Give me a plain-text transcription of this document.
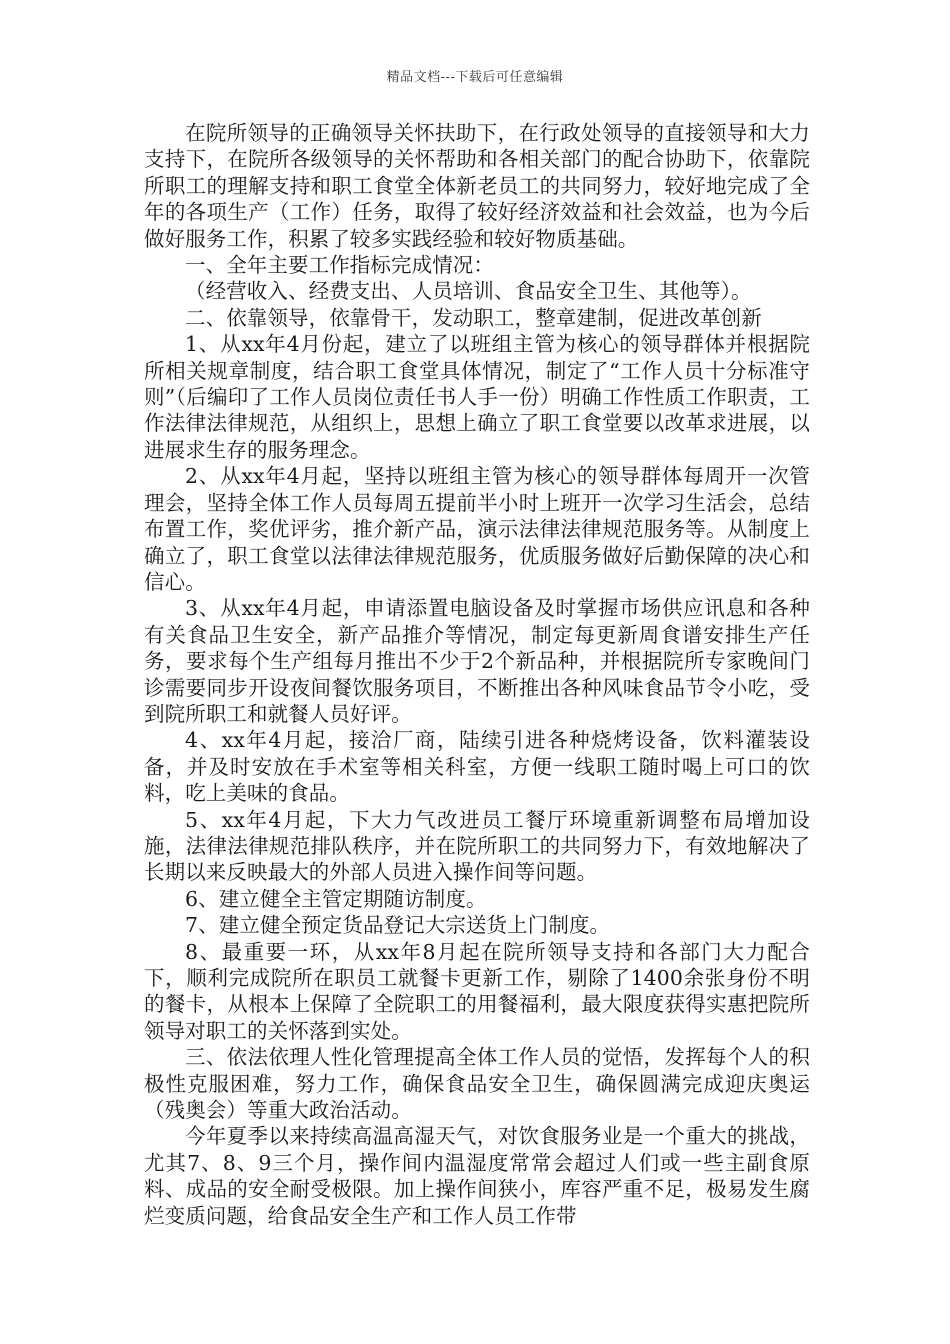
精品文档---下载后可任意编辑

在院所领导的正确领导关怀扶助下，在行政处领导的直接领导和大力支持下，在院所各级领导的关怀帮助和各相关部门的配合协助下，依靠院所职工的理解支持和职工食堂全体新老员工的共同努力，较好地完成了全年的各项生产（工作）任务，取得了较好经济效益和社会效益，也为今后做好服务工作，积累了较多实践经验和较好物质基础。

一、全年主要工作指标完成情况：

（经营收入、经费支出、人员培训、食品安全卫生、其他等）。

二、依靠领导，依靠骨干，发动职工，整章建制，促进改革创新

1、从xx年4月份起，建立了以班组主管为核心的领导群体并根据院所相关规章制度，结合职工食堂具体情况，制定了“工作人员十分标准守则”（后编印了工作人员岗位责任书人手一份）明确工作性质工作职责，工作法律法律规范，从组织上，思想上确立了职工食堂要以改革求进展，以进展求生存的服务理念。

2、从xx年4月起，坚持以班组主管为核心的领导群体每周开一次管理会，坚持全体工作人员每周五提前半小时上班开一次学习生活会，总结布置工作，奖优评劣，推介新产品，演示法律法律规范服务等。从制度上确立了，职工食堂以法律法律规范服务，优质服务做好后勤保障的决心和信心。

3、从xx年4月起，申请添置电脑设备及时掌握市场供应讯息和各种有关食品卫生安全，新产品推介等情况，制定每更新周食谱安排生产任务，要求每个生产组每月推出不少于2个新品种，并根据院所专家晚间门诊需要同步开设夜间餐饮服务项目，不断推出各种风味食品节令小吃，受到院所职工和就餐人员好评。

4、xx年4月起，接洽厂商，陆续引进各种烧烤设备，饮料灌装设备，并及时安放在手术室等相关科室，方便一线职工随时喝上可口的饮料，吃上美味的食品。

5、xx年4月起，下大力气改进员工餐厅环境重新调整布局增加设施，法律法律规范排队秩序，并在院所职工的共同努力下，有效地解决了长期以来反映最大的外部人员进入操作间等问题。

6、建立健全主管定期随访制度。

7、建立健全预定货品登记大宗送货上门制度。

8、最重要一环，从xx年8月起在院所领导支持和各部门大力配合下，顺利完成院所在职员工就餐卡更新工作，剔除了1400余张身份不明的餐卡，从根本上保障了全院职工的用餐福利，最大限度获得实惠把院所领导对职工的关怀落到实处。

三、依法依理人性化管理提高全体工作人员的觉悟，发挥每个人的积极性克服困难，努力工作，确保食品安全卫生，确保圆满完成迎庆奥运（残奥会）等重大政治活动。

今年夏季以来持续高温高湿天气，对饮食服务业是一个重大的挑战，尤其7、8、9三个月，操作间内温湿度常常会超过人们或一些主副食原料、成品的安全耐受极限。加上操作间狭小，库容严重不足，极易发生腐烂变质问题，给食品安全生产和工作人员工作带
